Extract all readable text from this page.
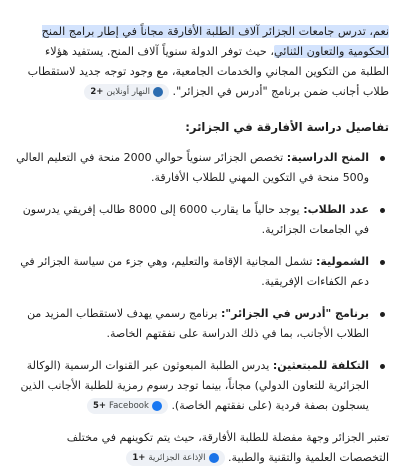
نعم، تدرس جامعات الجزائر آلاف الطلبة الأفارقة مجاناً في إطار برامج المنح الحكومية والتعاون الثنائي، حيث توفر الدولة سنوياً آلاف المنح. يستفيد هؤلاء الطلبة من التكوين المجاني والخدمات الجامعية، مع وجود توجه جديد لاستقطاب طلاب أجانب ضمن برنامج "أدرس في الجزائر".
النهار أونلاين
+2

تفاصيل دراسة الأفارقة في الجزائر:
المنح الدراسية: تخصص الجزائر سنوياً حوالي 2000 منحة في التعليم العالي و500 منحة في التكوين المهني للطلاب الأفارقة.
عدد الطلاب: يوجد حالياً ما يقارب 6000 إلى 8000 طالب إفريقي يدرسون في الجامعات الجزائرية.
الشمولية: تشمل المجانية الإقامة والتعليم، وهي جزء من سياسة الجزائر في دعم الكفاءات الإفريقية.
برنامج "أدرس في الجزائر": برنامج رسمي يهدف لاستقطاب المزيد من الطلاب الأجانب، بما في ذلك الدراسة على نفقتهم الخاصة.
التكلفة للمبتعثين: يدرس الطلبة المبعوثون عبر القنوات الرسمية (الوكالة الجزائرية للتعاون الدولي) مجاناً، بينما توجد رسوم رمزية للطلبة الأجانب الذين يسجلون بصفة فردية (على نفقتهم الخاصة).
Facebook
+5

تعتبر الجزائر وجهة مفضلة للطلبة الأفارقة، حيث يتم تكوينهم في مختلف التخصصات العلمية والتقنية والطبية.
الإذاعة الجزائرية
+1
